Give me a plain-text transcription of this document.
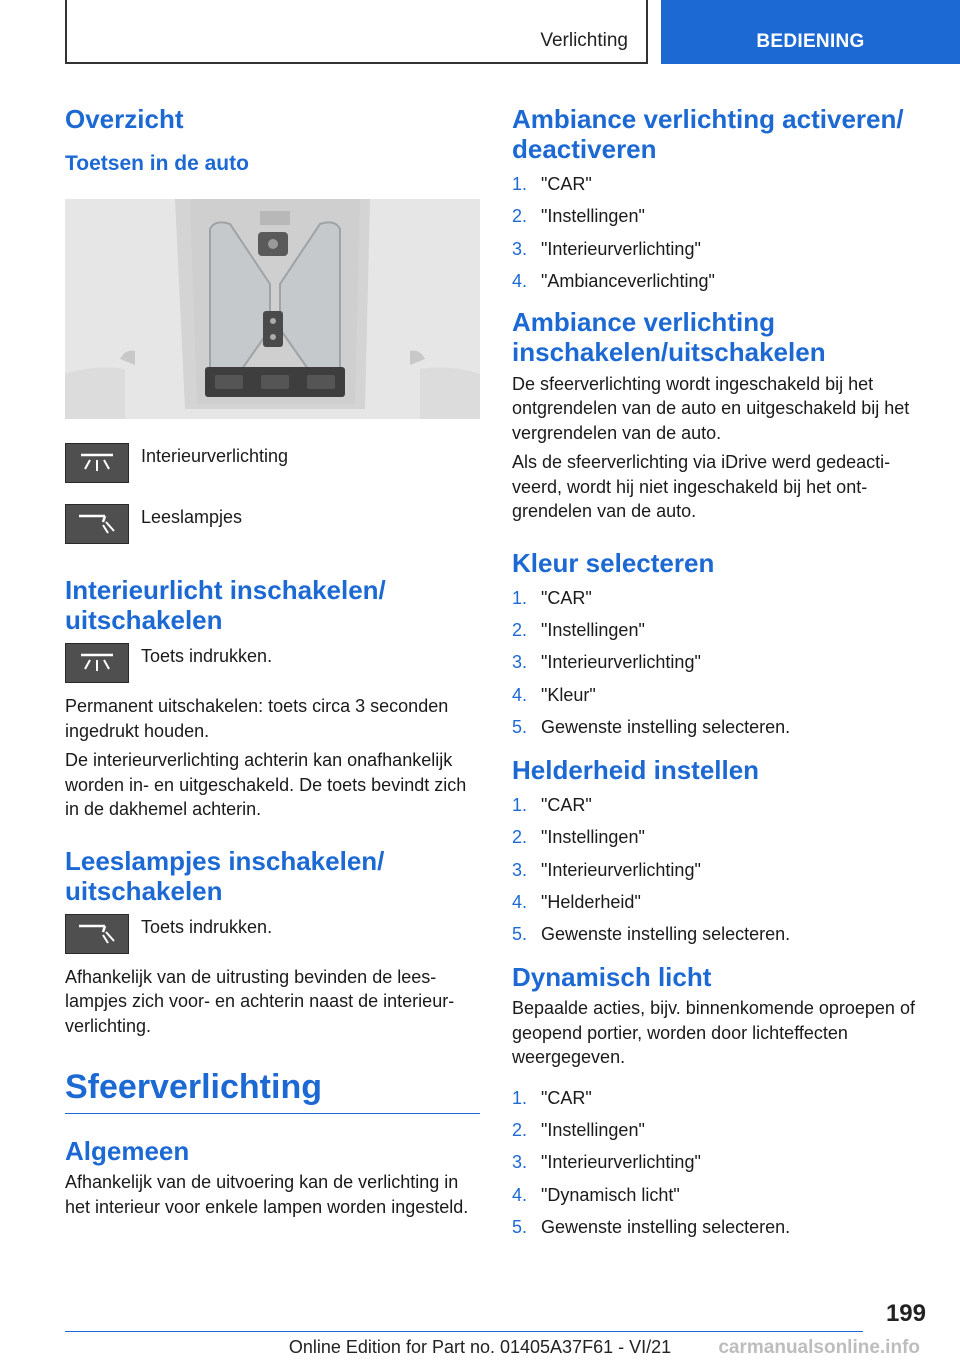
Verlichting	BEDIENING
Overzicht
Toetsen in de auto

Interieurverlichting

Leeslampjes

Interieurlicht inschakelen/ uitschakelen

Toets indrukken.

Permanent uitschakelen: toets circa 3 seconden ingedrukt houden.

De interieurverlichting achterin kan onafhankelijk worden in- en uitgeschakeld. De toets bevindt zich in de dakhemel achterin.

Leeslampjes inschakelen/ uitschakelen

Toets indrukken.

Afhankelijk van de uitrusting bevinden de leeslampjes zich voor- en achterin naast de interieurverlichting.

Sfeerverlichting
Algemeen

Afhankelijk van de uitvoering kan de verlichting in het interieur voor enkele lampen worden ingesteld.

Ambiance verlichting activeren/ deactiveren
1. "CAR"
2. "Instellingen"
3. "Interieurverlichting"
4. "Ambianceverlichting"
Ambiance verlichting inschakelen/uitschakelen

De sfeerverlichting wordt ingeschakeld bij het ontgrendelen van de auto en uitgeschakeld bij het vergrendelen van de auto.

Als de sfeerverlichting via iDrive werd gedeactiveerd, wordt hij niet ingeschakeld bij het ontgrendelen van de auto.

Kleur selecteren
1. "CAR"
2. "Instellingen"
3. "Interieurverlichting"
4. "Kleur"
5. Gewenste instelling selecteren.
Helderheid instellen
1. "CAR"
2. "Instellingen"
3. "Interieurverlichting"
4. "Helderheid"
5. Gewenste instelling selecteren.
Dynamisch licht

Bepaalde acties, bijv. binnenkomende oproepen of geopend portier, worden door lichteffecten weergegeven.

1. "CAR"
2. "Instellingen"
3. "Interieurverlichting"
4. "Dynamisch licht"
5. Gewenste instelling selecteren.
199
Online Edition for Part no. 01405A37F61 - VI/21	carmanualsonline.info
